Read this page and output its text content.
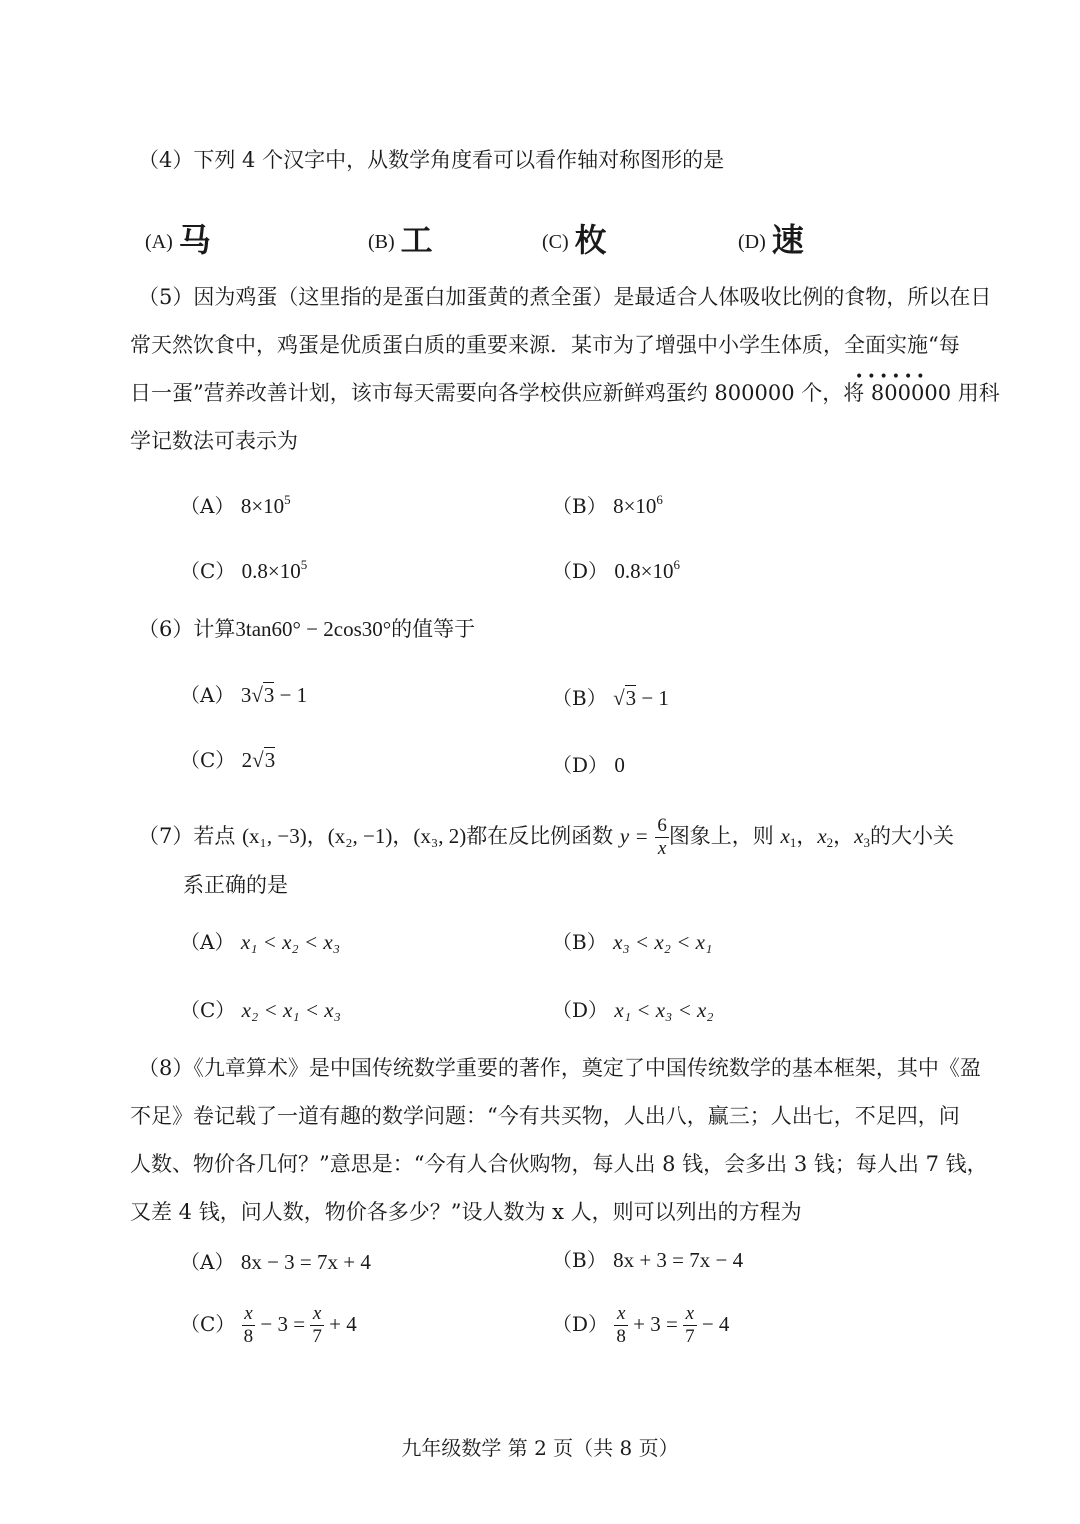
（4）下列 4 个汉字中，从数学角度看可以看作轴对称图形的是
(A) 马	(B) 工	(C) 枚	(D) 速
（5）因为鸡蛋（这里指的是蛋白加蛋黄的煮全蛋）是最适合人体吸收比例的食物，所以在日
常天然饮食中，鸡蛋是优质蛋白质的重要来源．某市为了增强中小学生体质，全面实施“每
日一蛋”营养改善计划，该市每天需要向各学校供应新鲜鸡蛋约 800000 个，将 800000 用科
••••••
学记数法可表示为
（A） $8\times 10^5$	（B） $8\times 10^6$
（C） $0.8\times 10^5$	（D） $0.8\times 10^6$
（6）计算3tan60° − 2cos30°的值等于
（A） 3√3 − 1	（B） √3 − 1
（C） 2√3	（D） 0
（7）若点 (x₁, −3)，(x₂, −1)，(x₃, 2)都在反比例函数 $y = \frac{6}{x}$ 图象上，则 $x_1$，$x_2$，$x_3$的大小关
系正确的是
（A） x₁ < x₂ < x₃	（B） x₃ < x₂ < x₁
（C） x₂ < x₁ < x₃	（D） x₁ < x₃ < x₂
（8）《九章算术》是中国传统数学重要的著作，奠定了中国传统数学的基本框架，其中《盈
不足》卷记载了一道有趣的数学问题：“今有共买物，人出八，赢三；人出七，不足四，问
人数、物价各几何？”意思是：“今有人合伙购物，每人出 8 钱，会多出 3 钱；每人出 7 钱，
又差 4 钱，问人数，物价各多少？”设人数为 x 人，则可以列出的方程为
（A） 8x − 3 = 7x + 4	（B） 8x + 3 = 7x − 4
$(C) \frac{x}{8} - 3 = \frac{x}{7} + 4$	$(D) \frac{x}{8} + 3 = \frac{x}{7} - 4$
九年级数学 第 2 页（共 8 页）
